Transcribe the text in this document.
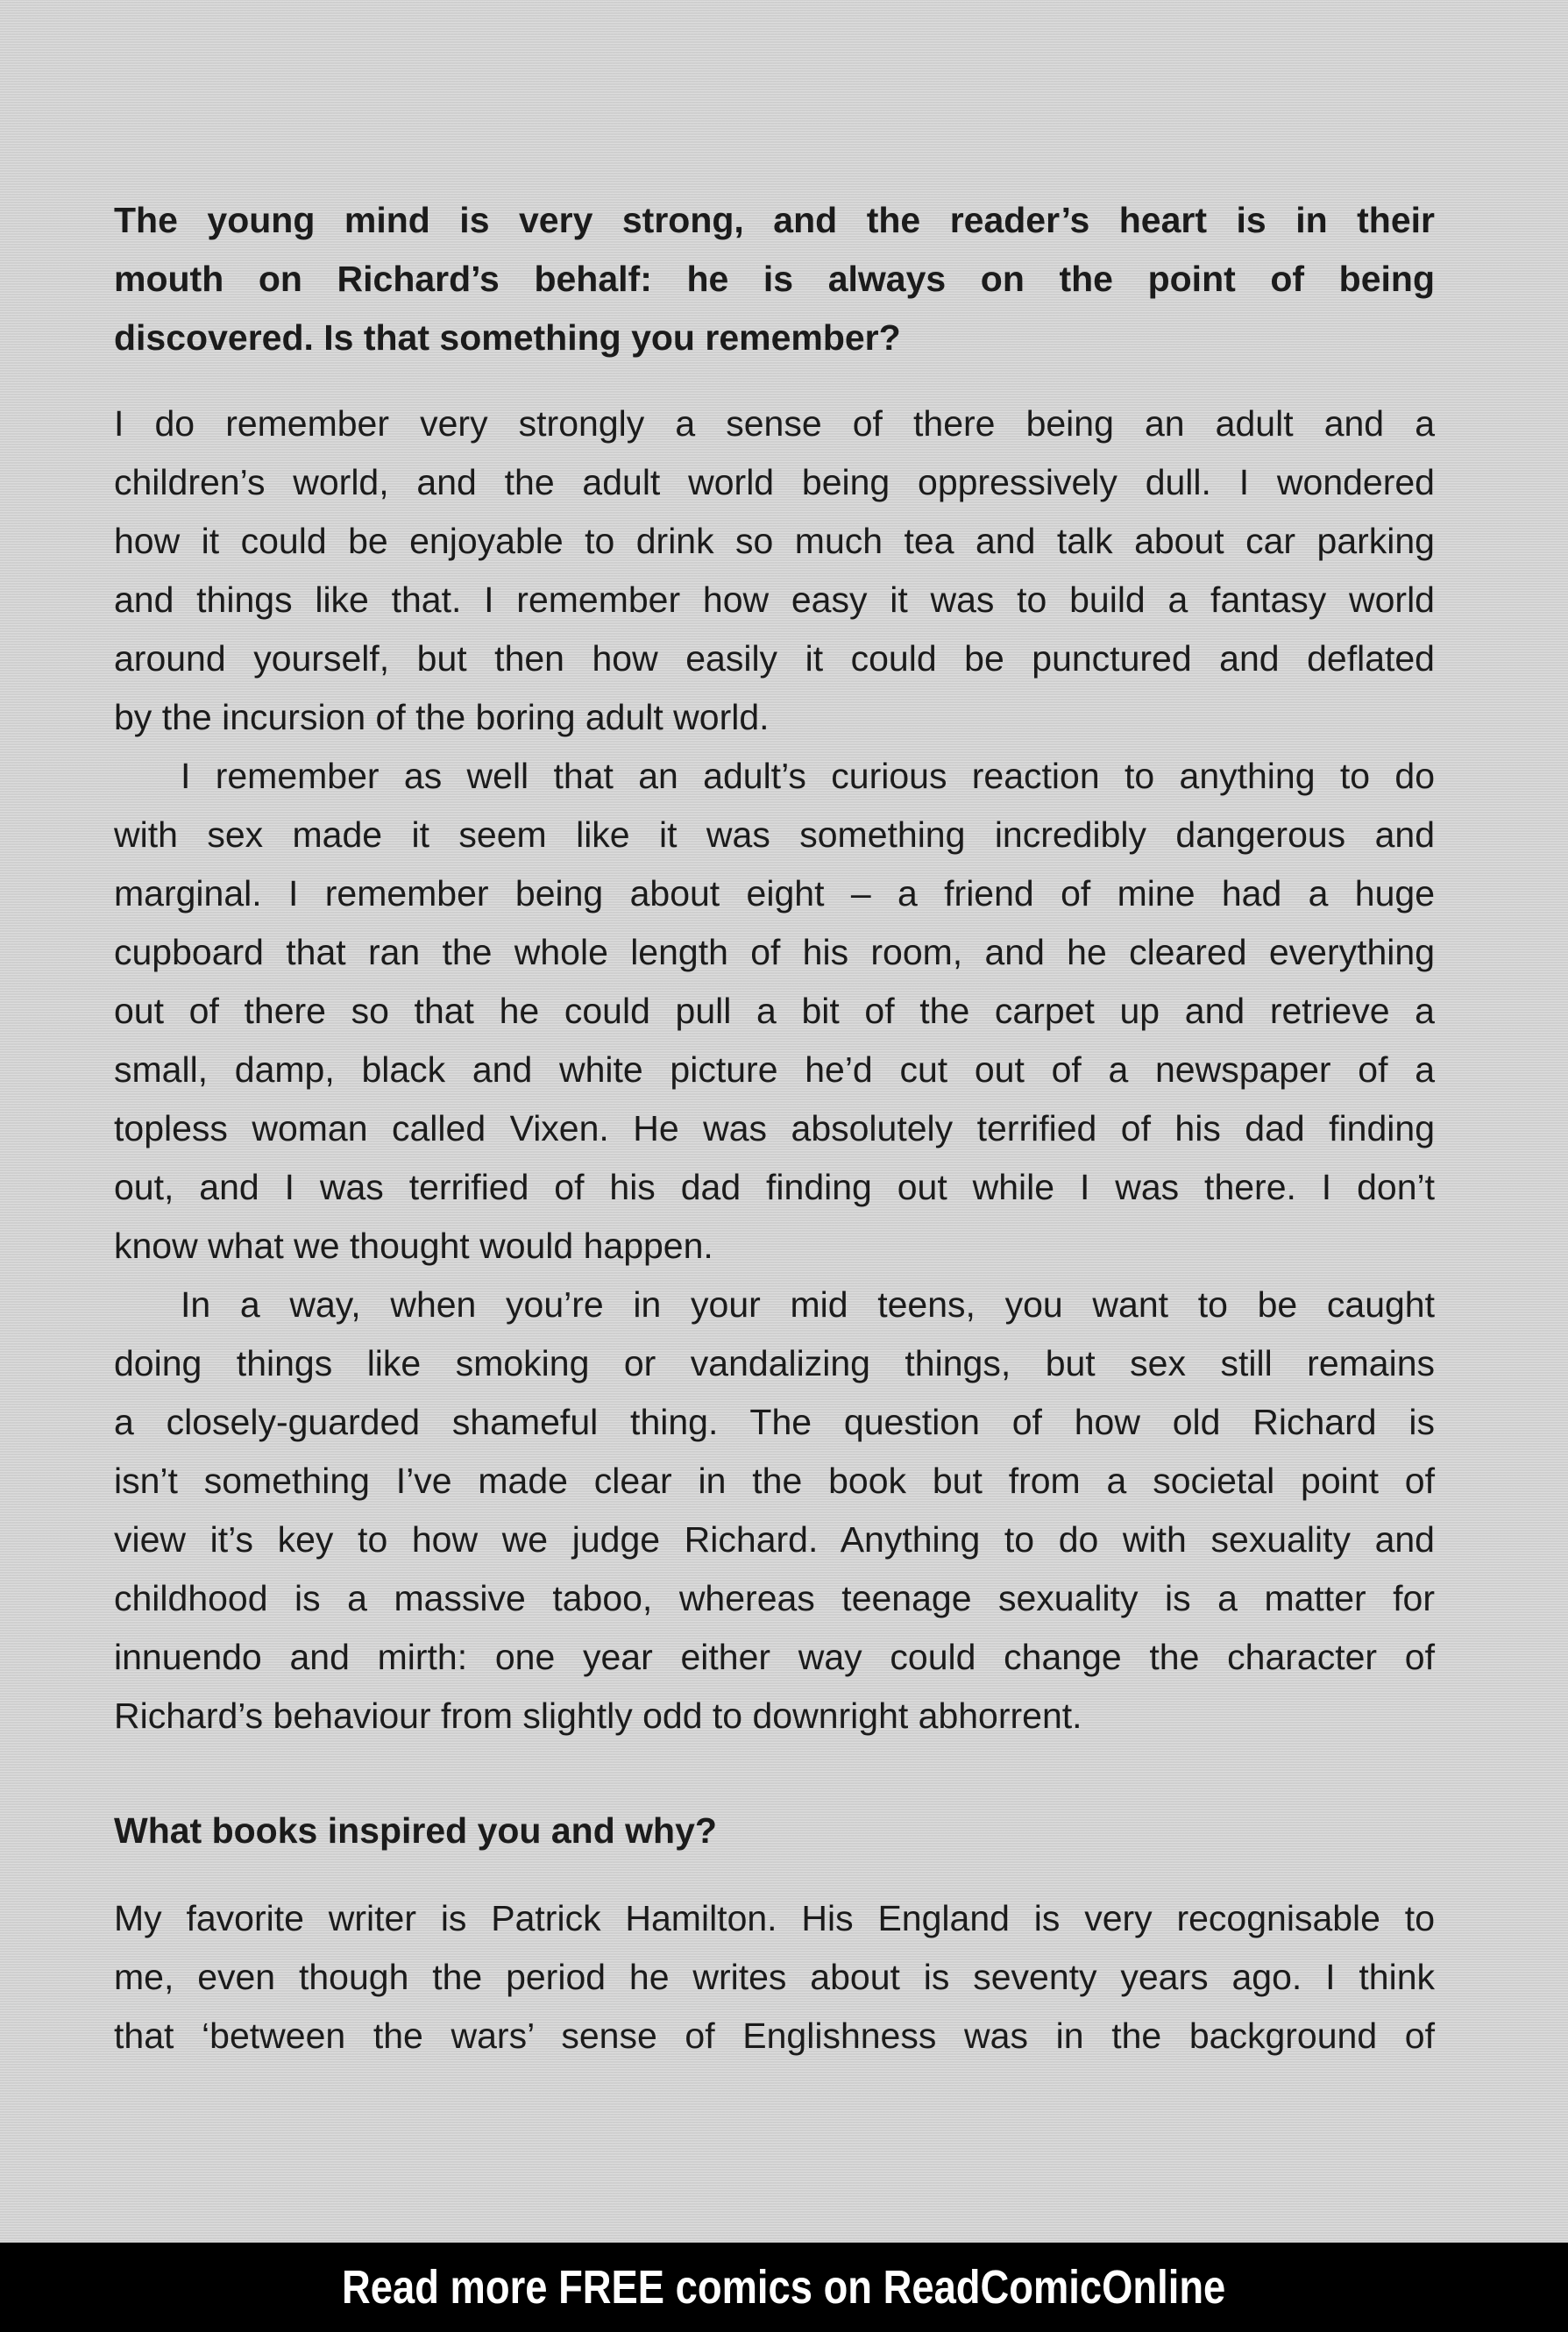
The young mind is very strong, and the reader’s heart is in their
mouth on Richard’s behalf: he is always on the point of being
discovered. Is that something you remember?
I do remember very strongly a sense of there being an adult and a
children’s world, and the adult world being oppressively dull. I wondered
how it could be enjoyable to drink so much tea and talk about car parking
and things like that. I remember how easy it was to build a fantasy world
around yourself, but then how easily it could be punctured and deflated
by the incursion of the boring adult world.
I remember as well that an adult’s curious reaction to anything to do
with sex made it seem like it was something incredibly dangerous and
marginal. I remember being about eight – a friend of mine had a huge
cupboard that ran the whole length of his room, and he cleared everything
out of there so that he could pull a bit of the carpet up and retrieve a
small, damp, black and white picture he’d cut out of a newspaper of a
topless woman called Vixen. He was absolutely terrified of his dad finding
out, and I was terrified of his dad finding out while I was there. I don’t
know what we thought would happen.
In a way, when you’re in your mid teens, you want to be caught
doing things like smoking or vandalizing things, but sex still remains
a closely-guarded shameful thing. The question of how old Richard is
isn’t something I’ve made clear in the book but from a societal point of
view it’s key to how we judge Richard. Anything to do with sexuality and
childhood is a massive taboo, whereas teenage sexuality is a matter for
innuendo and mirth: one year either way could change the character of
Richard’s behaviour from slightly odd to downright abhorrent.
What books inspired you and why?
My favorite writer is Patrick Hamilton. His England is very recognisable to
me, even though the period he writes about is seventy years ago. I think
that ‘between the wars’ sense of Englishness was in the background of
Read more FREE comics on ReadComicOnline
